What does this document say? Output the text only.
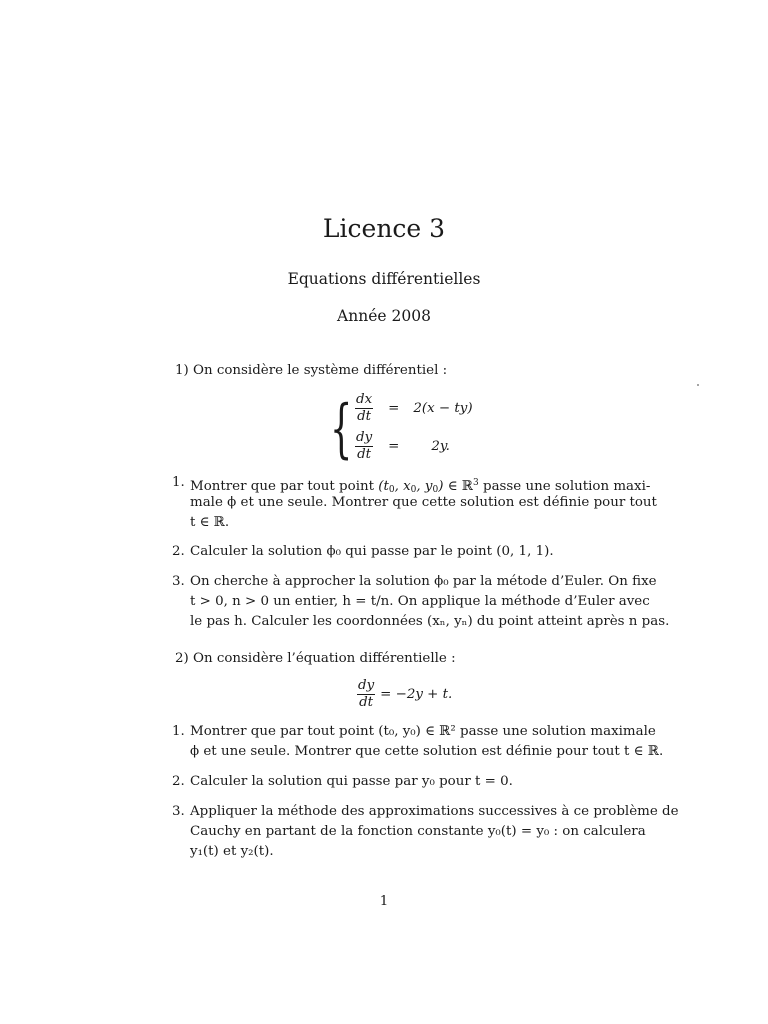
Licence 3
Equations différentielles
Année 2008
1) On considère le système différentiel :
{ $\frac{dx}{dt} = 2(x - ty)$
$\frac{dy}{dt} = 2y$.
1. Montrer que par tout point ($t_0$, $x_0$, $y_0$) ∈ ℝ$^3$ passe une solution maxi-
male ϕ et une seule. Montrer que cette solution est définie pour tout
t ∈ ℝ.
2. Calculer la solution ϕ₀ qui passe par le point (0, 1, 1).
3. On cherche à approcher la solution ϕ₀ par la métode d’Euler. On fixe
t > 0, n > 0 un entier, h = t/n. On applique la méthode d’Euler avec
le pas h. Calculer les coordonnées (xₙ, yₙ) du point atteint après n pas.
2) On considère l’équation différentielle :
$\frac{dy}{dt} = -2y + t$.
1. Montrer que par tout point (t₀, y₀) ∈ ℝ² passe une solution maximale
ϕ et une seule. Montrer que cette solution est définie pour tout t ∈ ℝ.
2. Calculer la solution qui passe par y₀ pour t = 0.
3. Appliquer la méthode des approximations successives à ce problème de
Cauchy en partant de la fonction constante y₀(t) = y₀ : on calculera
y₁(t) et y₂(t).
1
